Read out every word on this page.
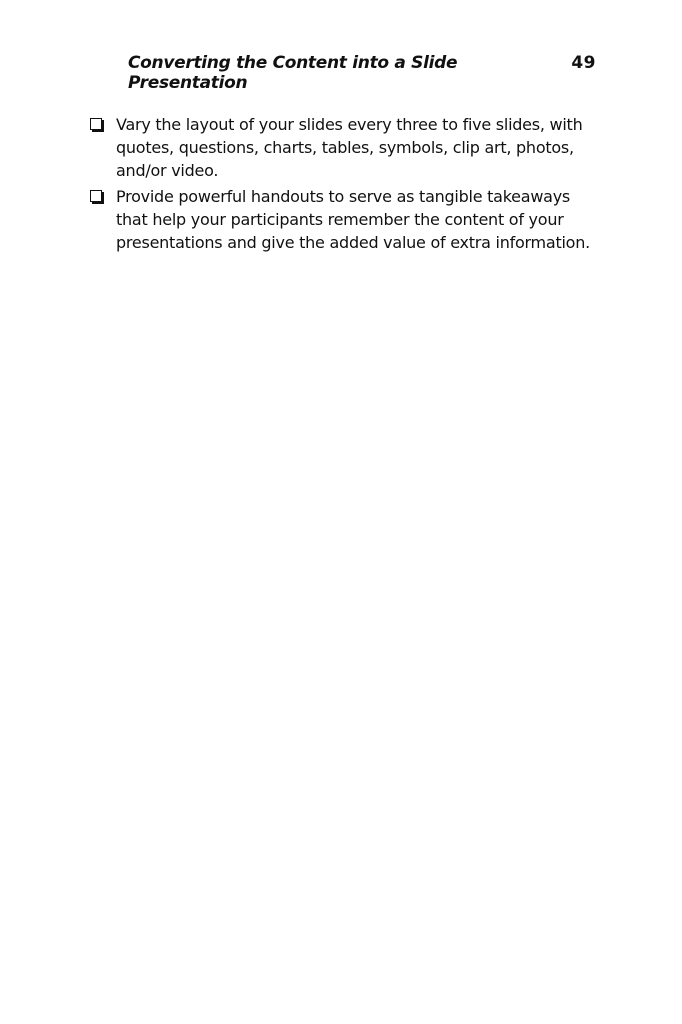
Converting the Content into a Slide Presentation
49
Vary the layout of your slides every three to five slides, with quotes, questions, charts, tables, symbols, clip art, photos, and/or video.
Provide powerful handouts to serve as tangible takeaways that help your participants remember the content of your presentations and give the added value of extra information.
